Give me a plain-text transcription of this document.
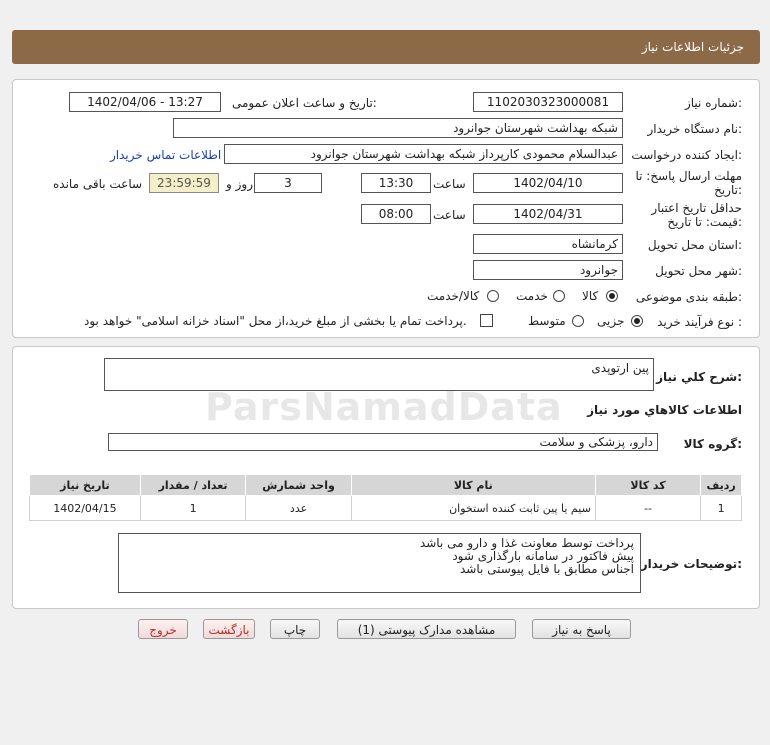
جزئیات اطلاعات نیاز
شماره نیاز:
1102030323000081
تاریخ و ساعت اعلان عمومی:
1402/04/06 - 13:27
نام دستگاه خریدار:
شبکه بهداشت شهرستان جوانرود
ایجاد کننده درخواست:
عبدالسلام محمودی کارپرداز شبکه بهداشت شهرستان جوانرود
اطلاعات تماس خریدار
مهلت ارسال پاسخ: تا
تاریخ:
1402/04/10
ساعت
13:30
3
روز و
23:59:59
ساعت باقی مانده
حداقل تاریخ اعتبار
قیمت: تا تاریخ:
1402/04/31
ساعت
08:00
استان محل تحویل:
کرمانشاه
شهر محل تحویل:
جوانرود
طبقه بندی موضوعی:
کالا
خدمت
کالا/خدمت
نوع فرآیند خرید :
جزیی
متوسط
پرداخت تمام یا بخشی از مبلغ خرید،از محل "اسناد خزانه اسلامی" خواهد بود.
شرح کلي نياز:
پین ارتوپدی
اطلاعات کالاهاي مورد نياز
گروه کالا:
دارو، پزشکی و سلامت
ردیف	کد کالا	نام کالا	واحد شمارش	تعداد / مقدار	تاریخ نیاز
1	--	سیم یا پین ثابت کننده استخوان	عدد	1	1402/04/15
توضیحات خریدار:
پرداخت توسط معاونت غذا و دارو می باشد
پیش فاکتور در سامانه بارگذاری شود
اجناس مطابق با فایل پیوستی باشد
پاسخ به نیاز
مشاهده مدارک پیوستی (1)
چاپ
بازگشت
خروج
